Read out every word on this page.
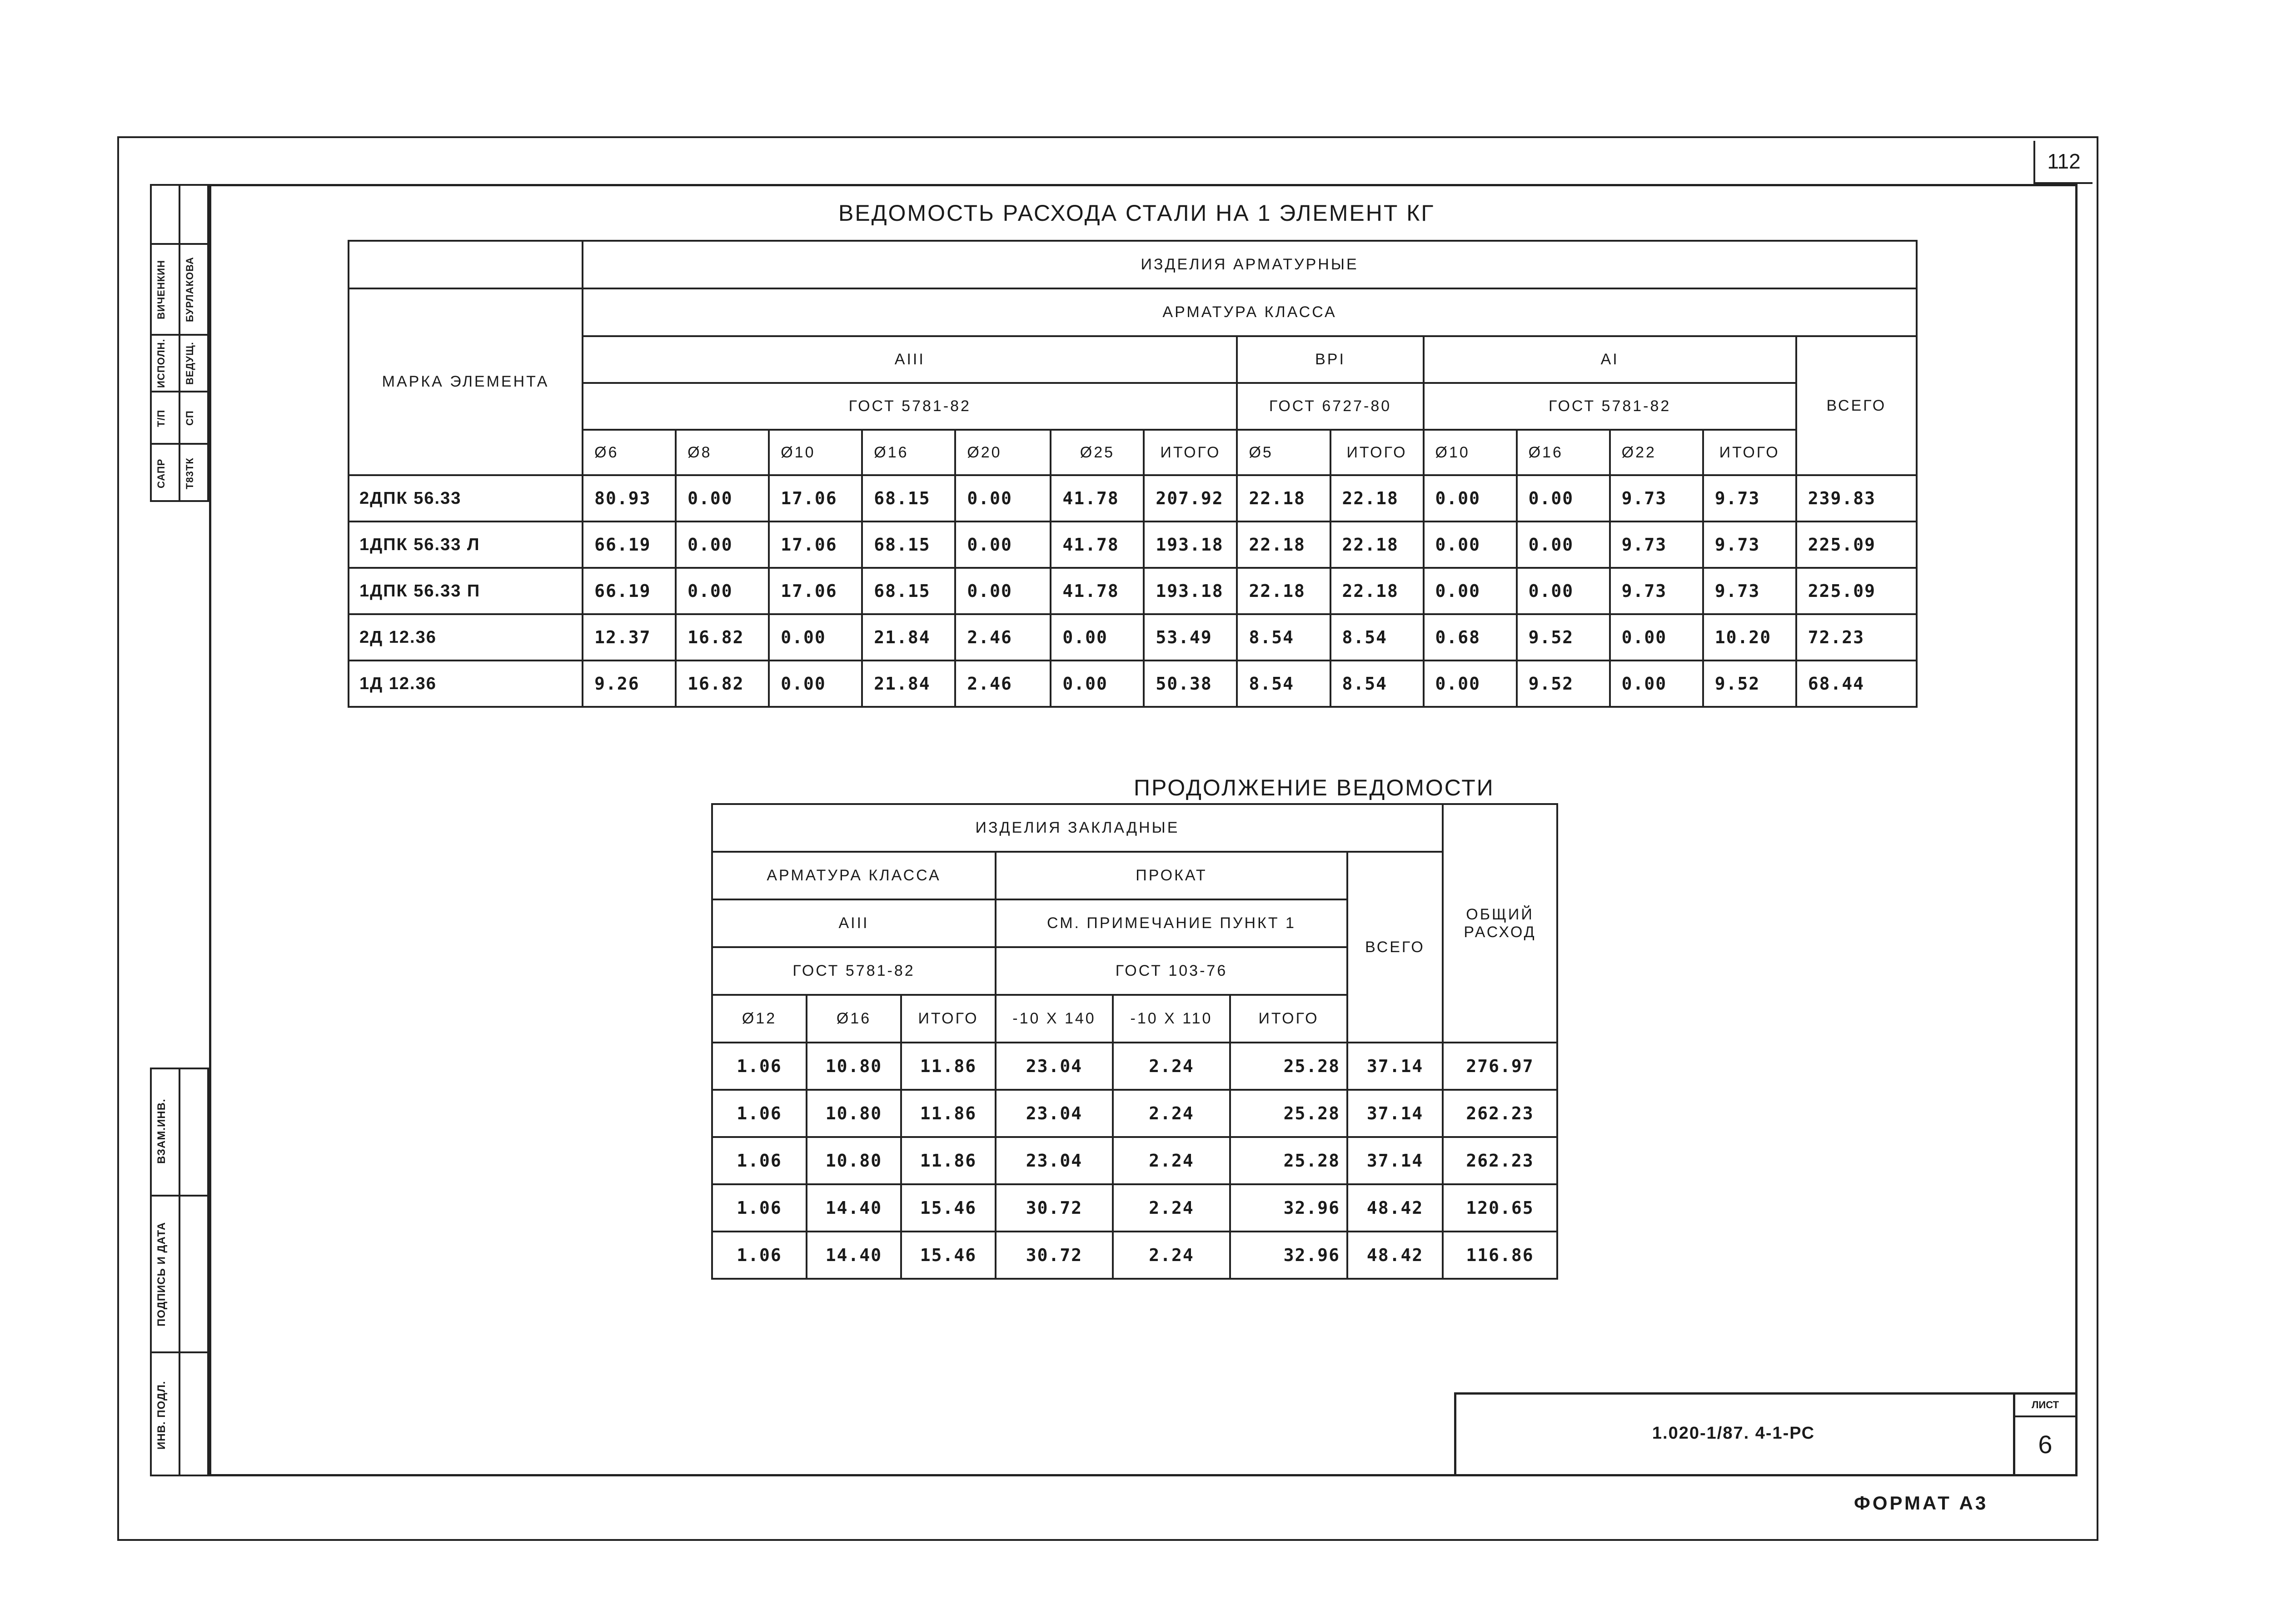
112
САПР	Т83ТК
Т/П	СП
ИСПОЛН.	ВЕДУЩ.
ВИЧЕНКИН	БУРЛАКОВА
ВЗАМ.ИНВ.
ПОДПИСЬ И ДАТА
ИНВ. ПОДЛ.
ВЕДОМОСТЬ РАСХОДА СТАЛИ НА 1 ЭЛЕМЕНТ КГ
	ИЗДЕЛИЯ АРМАТУРНЫЕ													
МАРКА ЭЛЕМЕНТА	АРМАТУРА КЛАССА													
	АIII							ВРI		АI				ВСЕГО
	ГОСТ 5781-82							ГОСТ 6727-80		ГОСТ 5781-82				
	Ø6	Ø8	Ø10	Ø16	Ø20	Ø25	ИТОГО	Ø5	ИТОГО	Ø10	Ø16	Ø22	ИТОГО	
2ДПК 56.33	80.93	0.00	17.06	68.15	0.00	41.78	207.92	22.18	22.18	0.00	0.00	9.73	9.73	239.83
1ДПК 56.33 Л	66.19	0.00	17.06	68.15	0.00	41.78	193.18	22.18	22.18	0.00	0.00	9.73	9.73	225.09
1ДПК 56.33 П	66.19	0.00	17.06	68.15	0.00	41.78	193.18	22.18	22.18	0.00	0.00	9.73	9.73	225.09
2Д 12.36	12.37	16.82	0.00	21.84	2.46	0.00	53.49	8.54	8.54	0.68	9.52	0.00	10.20	72.23
1Д 12.36	9.26	16.82	0.00	21.84	2.46	0.00	50.38	8.54	8.54	0.00	9.52	0.00	9.52	68.44
ПРОДОЛЖЕНИЕ ВЕДОМОСТИ
ИЗДЕЛИЯ ЗАКЛАДНЫЕ							ОБЩИЙ
РАСХОД
АРМАТУРА КЛАССА			ПРОКАТ			ВСЕГО	
АIII			СМ. ПРИМЕЧАНИЕ ПУНКТ 1				
ГОСТ 5781-82			ГОСТ 103-76				
Ø12	Ø16	ИТОГО	-10 X 140	-10 X 110	ИТОГО		
1.06	10.80	11.86	23.04	2.24	25.28	37.14	276.97
1.06	10.80	11.86	23.04	2.24	25.28	37.14	262.23
1.06	10.80	11.86	23.04	2.24	25.28	37.14	262.23
1.06	14.40	15.46	30.72	2.24	32.96	48.42	120.65
1.06	14.40	15.46	30.72	2.24	32.96	48.42	116.86
1.020-1/87. 4-1-РС
ЛИСТ
6
ФОРМАТ А3
